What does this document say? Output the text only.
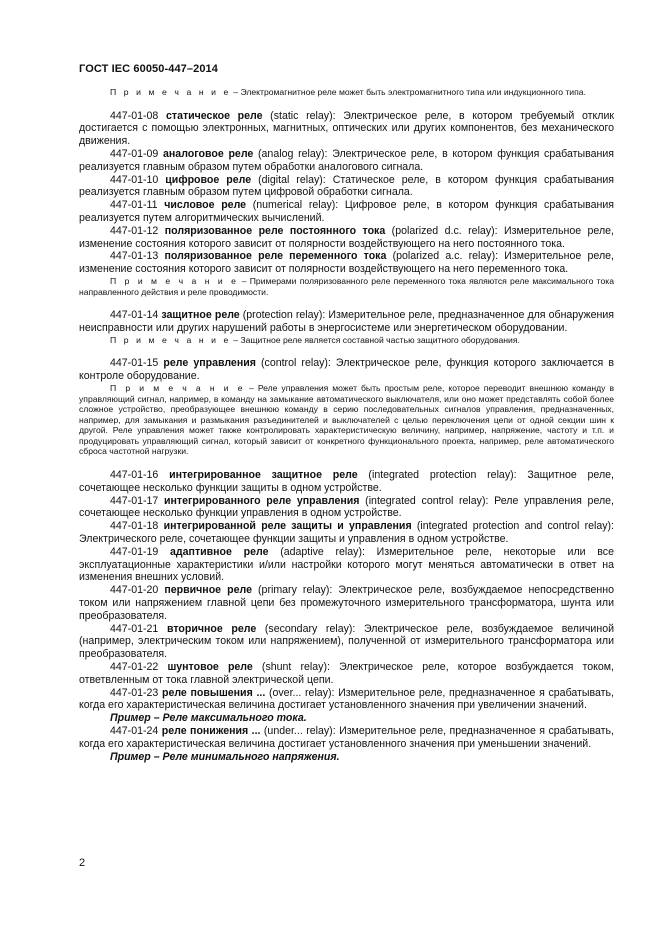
ГОСТ IEC 60050-447–2014

П р и м е ч а н и е – Электромагнитное реле может быть электромагнитного типа или индукционного типа.

447-01-08 статическое реле (static relay): Электрическое реле, в котором требуемый отклик достигается с помощью электронных, магнитных, оптических или других компонентов, без механического движения.

447-01-09 аналоговое реле (analog relay): Электрическое реле, в котором функция срабатывания реализуется главным образом путем обработки аналогового сигнала.

447-01-10 цифровое реле (digital relay): Статическое реле, в котором функция срабатывания реализуется главным образом путем цифровой обработки сигнала.

447-01-11 числовое реле (numerical relay): Цифровое реле, в котором функция срабатывания реализуется путем алгоритмических вычислений.

447-01-12 поляризованное реле постоянного тока (polarized d.c. relay): Измерительное реле, изменение состояния которого зависит от полярности воздействующего на него постоянного тока.

447-01-13 поляризованное реле переменного тока (polarized a.c. relay): Измерительное реле, изменение состояния которого зависит от полярности воздействующего на него переменного тока.

П р и м е ч а н и е – Примерами поляризованного реле переменного тока являются реле максимального тока направленного действия и реле проводимости.

447-01-14 защитное реле (protection relay): Измерительное реле, предназначенное для обнаружения неисправности или других нарушений работы в энергосистеме или энергетическом оборудовании.

П р и м е ч а н и е – Защитное реле является составной частью защитного оборудования.

447-01-15 реле управления (control relay): Электрическое реле, функция которого заключается в контроле оборудование.

П р и м е ч а н и е – Реле управления может быть простым реле, которое переводит внешнюю команду в управляющий сигнал, например, в команду на замыкание автоматического выключателя, или оно может представлять собой более сложное устройство, преобразующее внешнюю команду в серию последовательных сигналов управления, предназначенных, например, для замыкания и размыкания разъединителей и выключателей с целью переключения цепи от одной секции шин к другой. Реле управления может также контролировать характеристическую величину, например, напряжение, частоту и т.п. и продуцировать управляющий сигнал, который зависит от конкретного функционального проекта, например, реле автоматического сброса частотной нагрузки.

447-01-16 интегрированное защитное реле (integrated protection relay): Защитное реле, сочетающее несколько функции защиты в одном устройстве.

447-01-17 интегрированного реле управления (integrated control relay): Реле управления реле, сочетающее несколько функции управления в одном устройстве.

447-01-18 интегрированной реле защиты и управления (integrated protection and control relay): Электрического реле, сочетающее функции защиты и управления в одном устройстве.

447-01-19 адаптивное реле (adaptive relay): Измерительное реле, некоторые или все эксплуатационные характеристики и/или настройки которого могут меняться автоматически в ответ на изменения внешних условий.

447-01-20 первичное реле (primary relay): Электрическое реле, возбуждаемое непосредственно током или напряжением главной цепи без промежуточного измерительного трансформатора, шунта или преобразователя.

447-01-21 вторичное реле (secondary relay): Электрическое реле, возбуждаемое величиной (например, электрическим током или напряжением), полученной от измерительного трансформатора или преобразователя.

447-01-22 шунтовое реле (shunt relay): Электрическое реле, которое возбуждается током, ответвленным от тока главной электрической цепи.

447-01-23 реле повышения ... (over... relay): Измерительное реле, предназначенное я срабатывать, когда его характеристическая величина достигает установленного значения при увеличении значений.

Пример – Реле максимального тока.

447-01-24 реле понижения ... (under... relay): Измерительное реле, предназначенное я срабатывать, когда его характеристическая величина достигает установленного значения при уменьшении значений.

Пример – Реле минимального напряжения.

2
